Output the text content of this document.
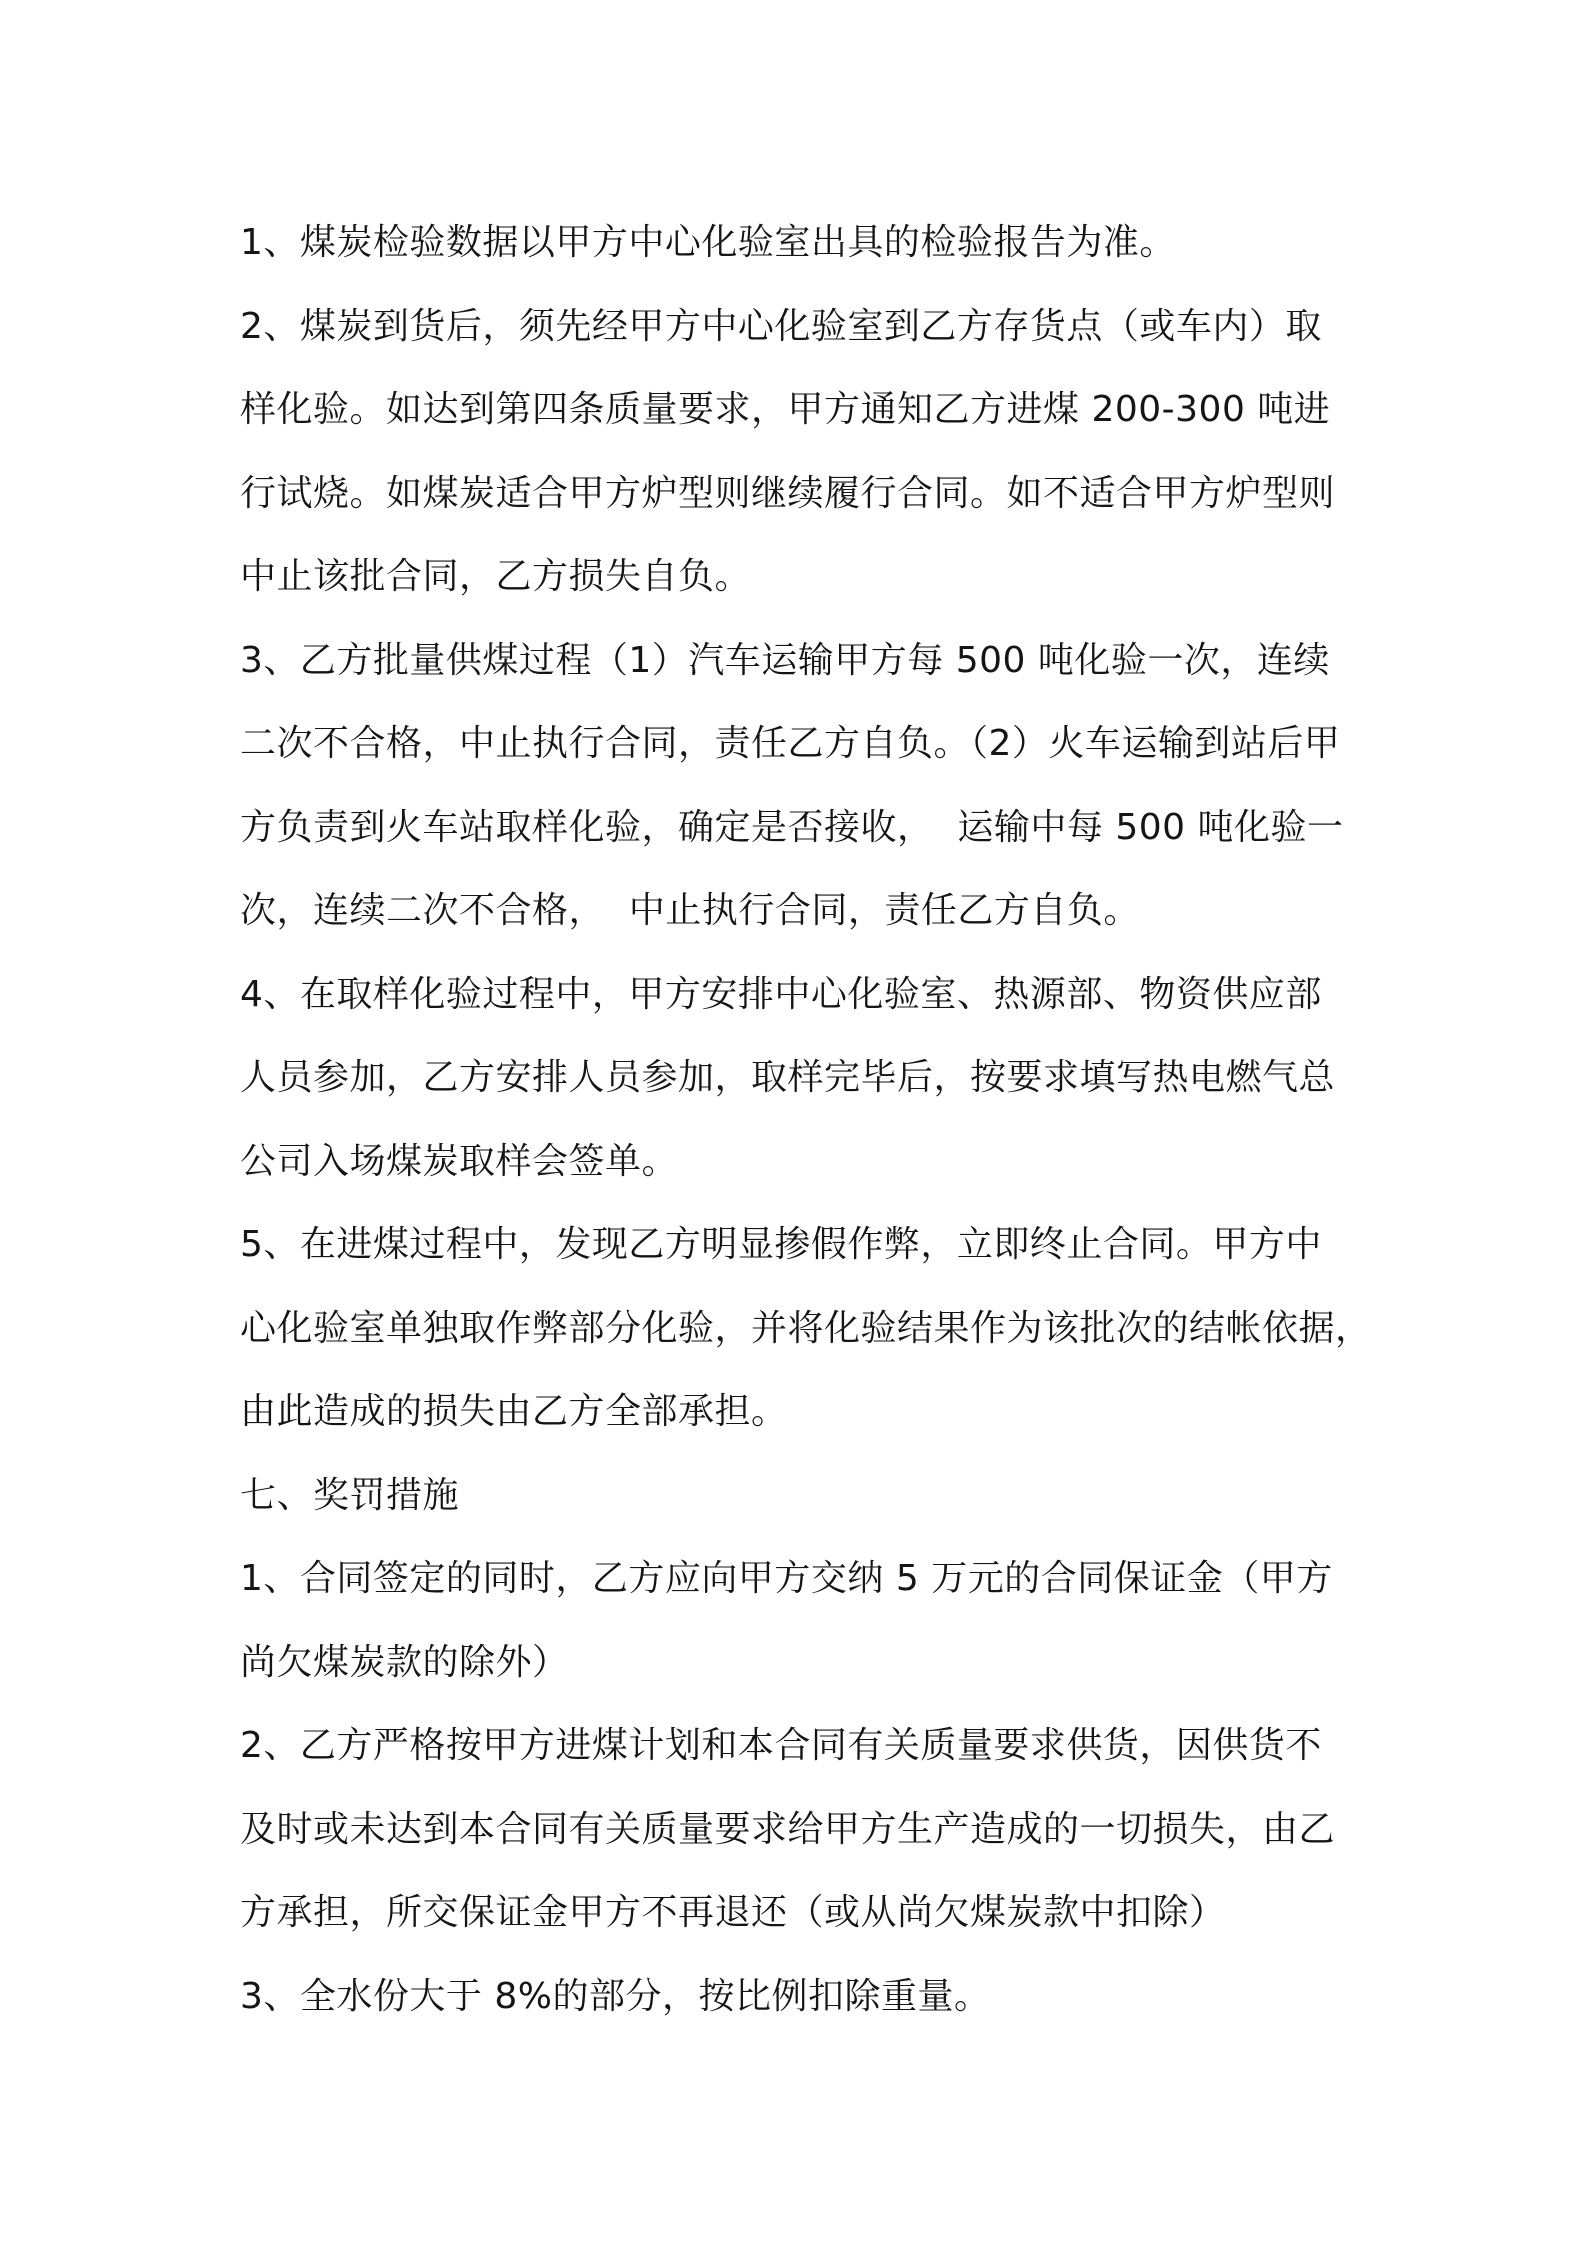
1、煤炭检验数据以甲方中心化验室出具的检验报告为准。
2、煤炭到货后，须先经甲方中心化验室到乙方存货点（或车内）取
样化验。如达到第四条质量要求，甲方通知乙方进煤 200-300 吨进
行试烧。如煤炭适合甲方炉型则继续履行合同。如不适合甲方炉型则
中止该批合同，乙方损失自负。
3、乙方批量供煤过程（1）汽车运输甲方每 500 吨化验一次，连续
二次不合格，中止执行合同，责任乙方自负。（2）火车运输到站后甲
方负责到火车站取样化验，确定是否接收，  运输中每 500 吨化验一
次，连续二次不合格，  中止执行合同，责任乙方自负。
4、在取样化验过程中，甲方安排中心化验室、热源部、物资供应部
人员参加，乙方安排人员参加，取样完毕后，按要求填写热电燃气总
公司入场煤炭取样会签单。
5、在进煤过程中，发现乙方明显掺假作弊，立即终止合同。甲方中
心化验室单独取作弊部分化验，并将化验结果作为该批次的结帐依据，
由此造成的损失由乙方全部承担。
七、奖罚措施
1、合同签定的同时，乙方应向甲方交纳 5 万元的合同保证金（甲方
尚欠煤炭款的除外）
2、乙方严格按甲方进煤计划和本合同有关质量要求供货，因供货不
及时或未达到本合同有关质量要求给甲方生产造成的一切损失，由乙
方承担，所交保证金甲方不再退还（或从尚欠煤炭款中扣除）
3、全水份大于 8%的部分，按比例扣除重量。
